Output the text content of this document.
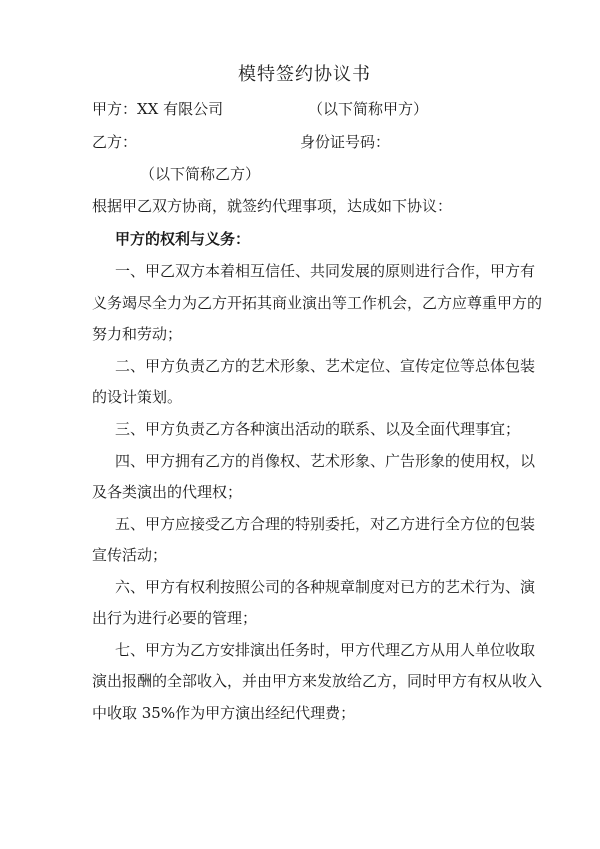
模特签约协议书
甲方：XX 有限公司	（以下简称甲方）
乙方：	身份证号码：
（以下简称乙方）
根据甲乙双方协商，就签约代理事项，达成如下协议：
甲方的权利与义务：
一、甲乙双方本着相互信任、共同发展的原则进行合作，甲方有
义务竭尽全力为乙方开拓其商业演出等工作机会，乙方应尊重甲方的
努力和劳动；
二、甲方负责乙方的艺术形象、艺术定位、宣传定位等总体包装
的设计策划。
三、甲方负责乙方各种演出活动的联系、以及全面代理事宜；
四、甲方拥有乙方的肖像权、艺术形象、广告形象的使用权，以
及各类演出的代理权；
五、甲方应接受乙方合理的特别委托，对乙方进行全方位的包装
宣传活动；
六、甲方有权利按照公司的各种规章制度对已方的艺术行为、演
出行为进行必要的管理；
七、甲方为乙方安排演出任务时，甲方代理乙方从用人单位收取
演出报酬的全部收入，并由甲方来发放给乙方，同时甲方有权从收入
中收取 35%作为甲方演出经纪代理费；
